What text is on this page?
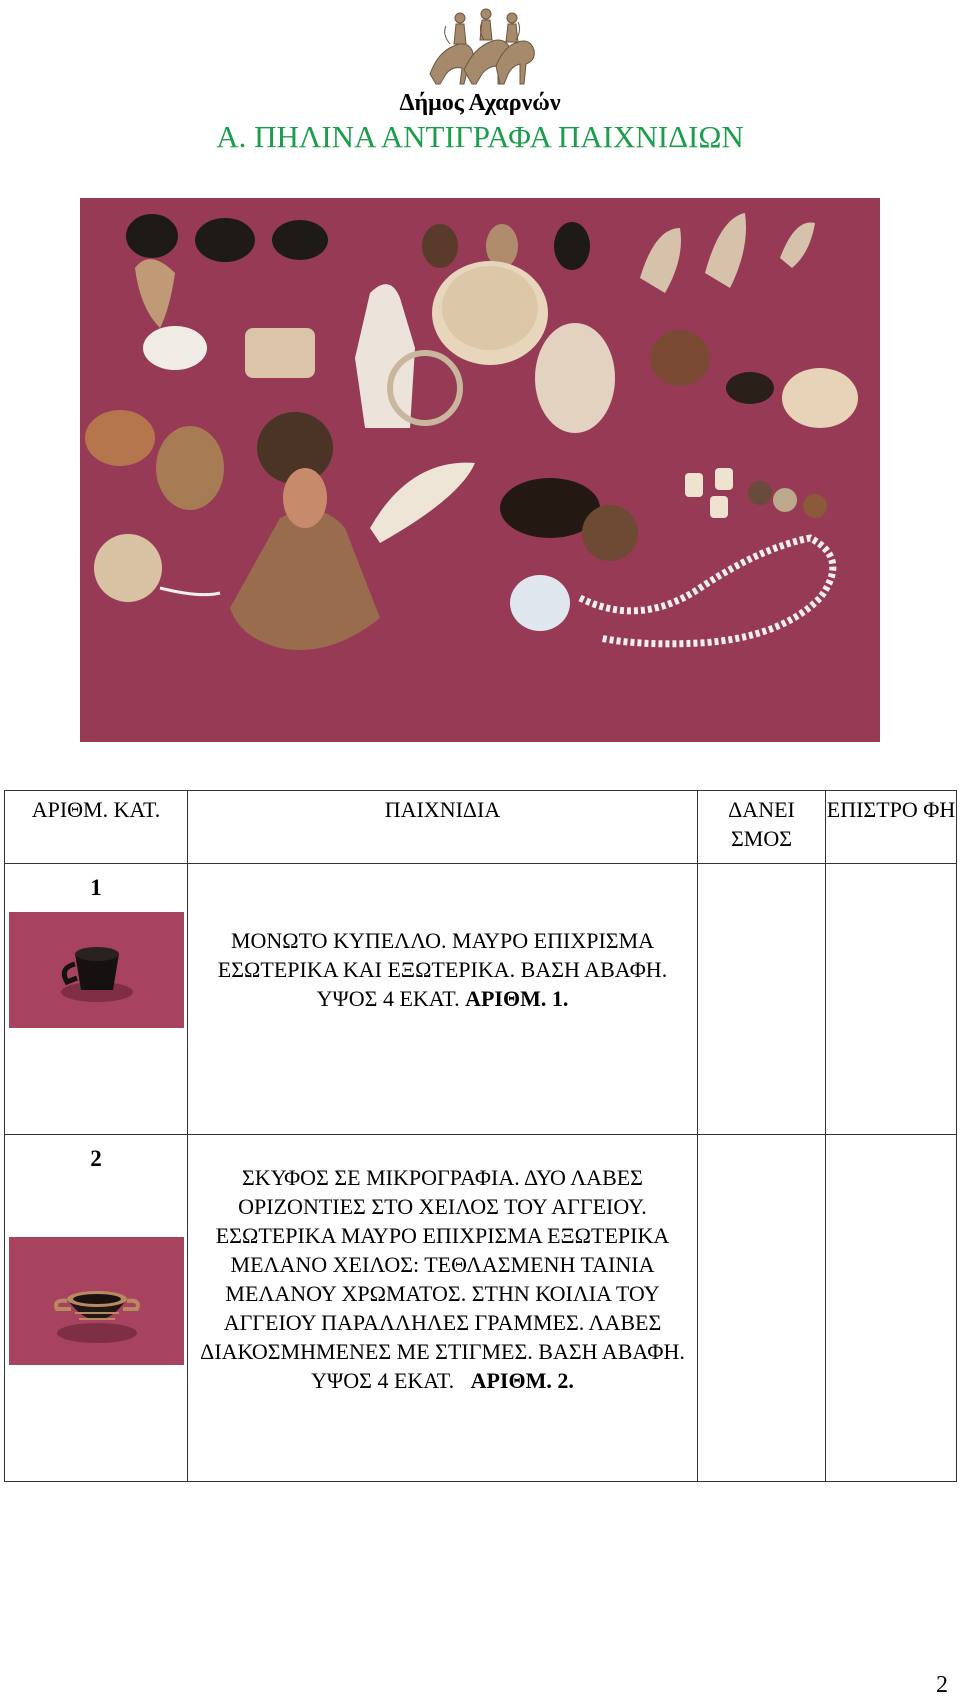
Δήμος Αχαρνών
Α. ΠΗΛΙΝΑ ΑΝΤΙΓΡΑΦΑ ΠΑΙΧΝΙΔΙΩΝ
ΑΡΙΘΜ. ΚΑΤ.	ΠΑΙΧΝΙΔΙΑ	ΔΑΝΕΙ ΣΜΟΣ	ΕΠΙΣΤΡΟ ΦΗ

1	ΜΟΝΩΤΟ ΚΥΠΕΛΛΟ. ΜΑΥΡΟ ΕΠΙΧΡΙΣΜΑ ΕΣΩΤΕΡΙΚΑ ΚΑΙ ΕΞΩΤΕΡΙΚΑ. ΒΑΣΗ ΑΒΑΦΗ. ΥΨΟΣ 4 ΕΚΑΤ. ΑΡΙΘΜ. 1.		

2	ΣΚΥΦΟΣ ΣΕ ΜΙΚΡΟΓΡΑΦΙΑ. ΔΥΟ ΛΑΒΕΣ ΟΡΙΖΟΝΤΙΕΣ ΣΤΟ ΧΕΙΛΟΣ ΤΟΥ ΑΓΓΕΙΟΥ. ΕΣΩΤΕΡΙΚΑ ΜΑΥΡΟ ΕΠΙΧΡΙΣΜΑ ΕΞΩΤΕΡΙΚΑ ΜΕΛΑΝΟ ΧΕΙΛΟΣ: ΤΕΘΛΑΣΜΕΝΗ ΤΑΙΝΙΑ ΜΕΛΑΝΟΥ ΧΡΩΜΑΤΟΣ. ΣΤΗΝ ΚΟΙΛΙΑ ΤΟΥ ΑΓΓΕΙΟΥ ΠΑΡΑΛΛΗΛΕΣ ΓΡΑΜΜΕΣ. ΛΑΒΕΣ ΔΙΑΚΟΣΜΗΜΕΝΕΣ ΜΕ ΣΤΙΓΜΕΣ. ΒΑΣΗ ΑΒΑΦΗ. ΥΨΟΣ 4 ΕΚΑΤ. ΑΡΙΘΜ. 2.		
2
